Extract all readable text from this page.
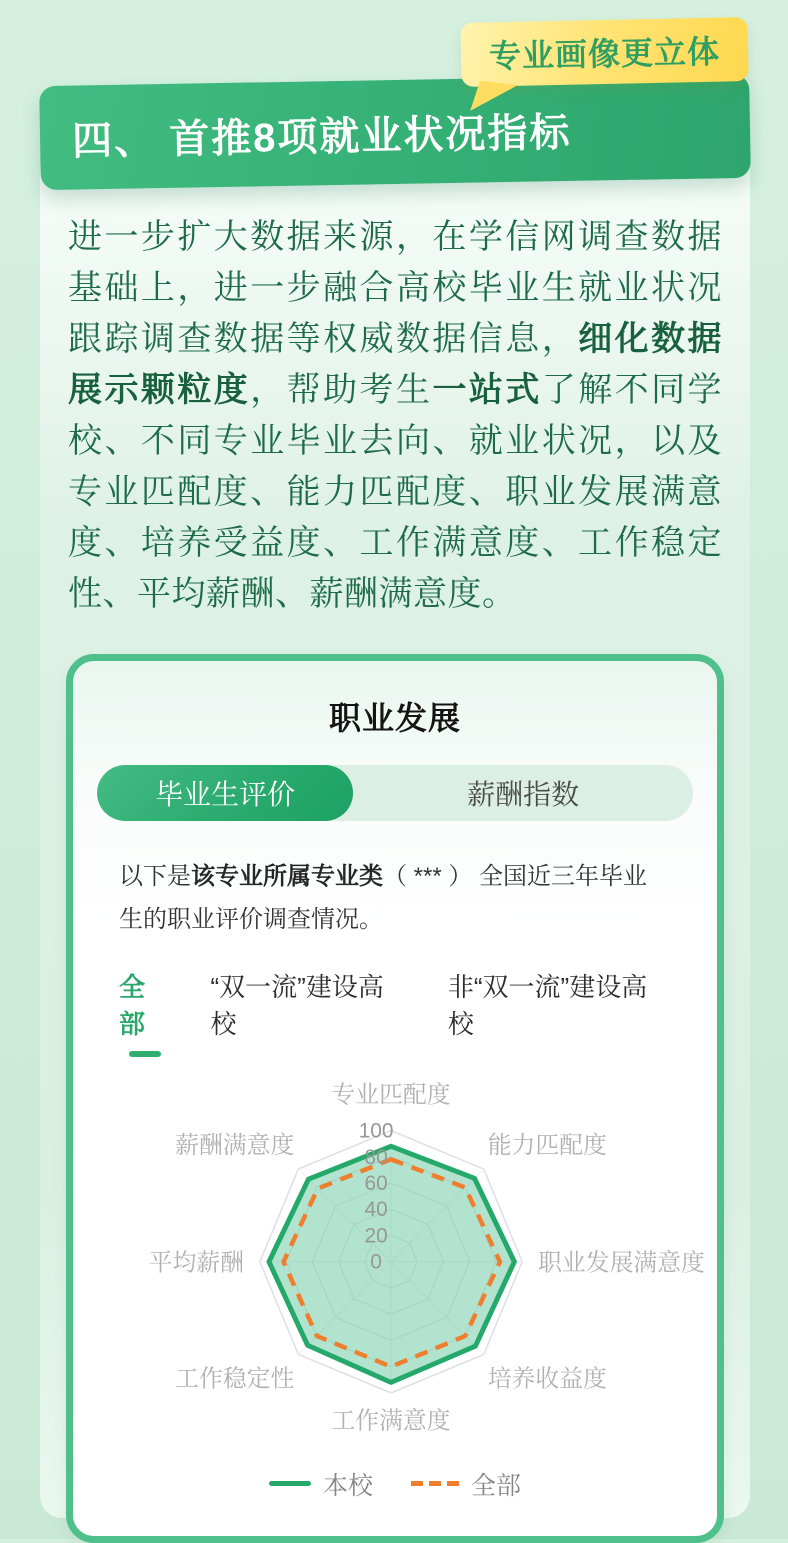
专业画像更立体
四、 首推8项就业状况指标

进一步扩大数据来源，在学信网调查数据基础上，进一步融合高校毕业生就业状况跟踪调查数据等权威数据信息，细化数据展示颗粒度，帮助考生一站式了解不同学校、不同专业毕业去向、就业状况，以及专业匹配度、能力匹配度、职业发展满意度、培养受益度、工作满意度、工作稳定性、平均薪酬、薪酬满意度。

职业发展
毕业生评价	薪酬指数

以下是该专业所属专业类（ *** ） 全国近三年毕业生的职业评价调查情况。

全部
“双一流”建设高校
非“双一流”建设高校
0
20
40
60
80
100
专业匹配度
能力匹配度
职业发展满意度
培养收益度
工作满意度
工作稳定性
平均薪酬
薪酬满意度
本校	全部
